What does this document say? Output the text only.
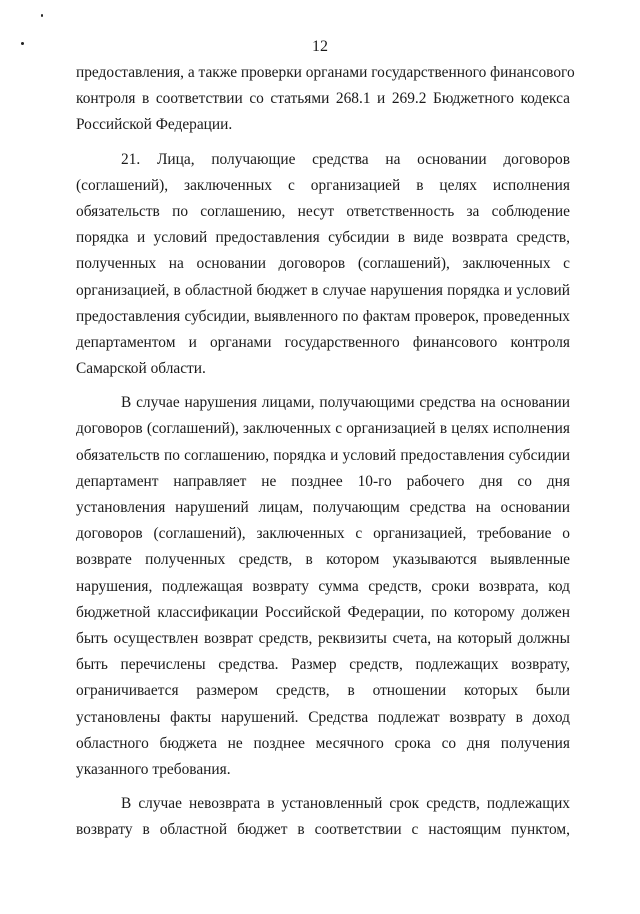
12
предоставления, а также проверки органами государственного финансового
контроля в соответствии со статьями 268.1 и 269.2 Бюджетного кодекса
Российской Федерации.
21. Лица, получающие средства на основании договоров
(соглашений), заключенных с организацией в целях исполнения
обязательств по соглашению, несут ответственность за соблюдение
порядка и условий предоставления субсидии в виде возврата средств,
полученных на основании договоров (соглашений), заключенных с
организацией, в областной бюджет в случае нарушения порядка и условий
предоставления субсидии, выявленного по фактам проверок, проведенных
департаментом и органами государственного финансового контроля
Самарской области.
В случае нарушения лицами, получающими средства на основании
договоров (соглашений), заключенных с организацией в целях исполнения
обязательств по соглашению, порядка и условий предоставления субсидии
департамент направляет не позднее 10-го рабочего дня со дня
установления нарушений лицам, получающим средства на основании
договоров (соглашений), заключенных с организацией, требование о
возврате полученных средств, в котором указываются выявленные
нарушения, подлежащая возврату сумма средств, сроки возврата, код
бюджетной классификации Российской Федерации, по которому должен
быть осуществлен возврат средств, реквизиты счета, на который должны
быть перечислены средства. Размер средств, подлежащих возврату,
ограничивается размером средств, в отношении которых были
установлены факты нарушений. Средства подлежат возврату в доход
областного бюджета не позднее месячного срока со дня получения
указанного требования.
В случае невозврата в установленный срок средств, подлежащих
возврату в областной бюджет в соответствии с настоящим пунктом,
